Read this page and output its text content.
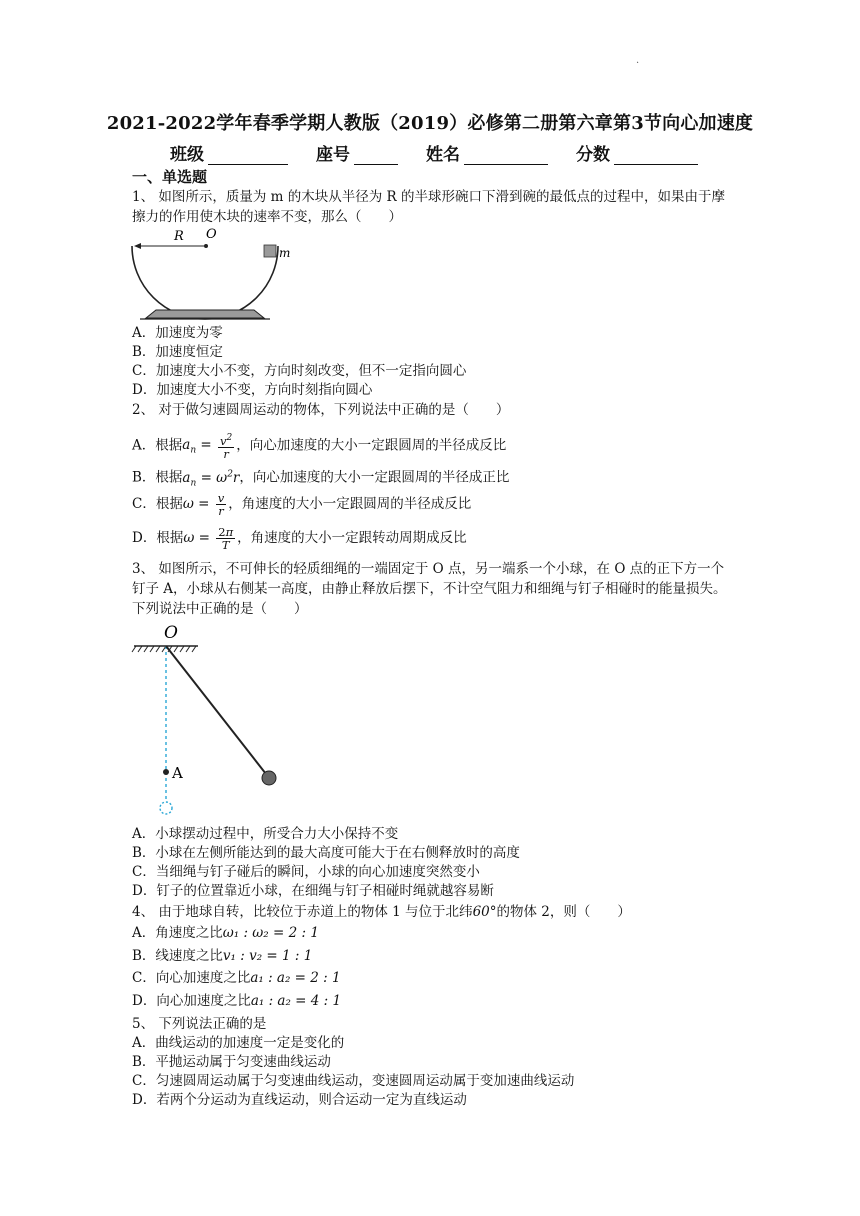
·
2021-2022学年春季学期人教版（2019）必修第二册第六章第3节向心加速度
班级	座号	姓名	分数
一、单选题
1、 如图所示，质量为 m 的木块从半径为 R 的半球形碗口下滑到碗的最低点的过程中，如果由于摩擦力的作用使木块的速率不变，那么（　　）
R O
m
A．加速度为零
B．加速度恒定
C．加速度大小不变，方向时刻改变，但不一定指向圆心
D．加速度大小不变，方向时刻指向圆心
2、 对于做匀速圆周运动的物体，下列说法中正确的是（　　）
A．根据$a_n = \frac{v^2}{r}$ ，向心加速度的大小一定跟圆周的半径成反比
B．根据$a_n = \omega^2r$，向心加速度的大小一定跟圆周的半径成正比
C．根据$\omega = \frac{v}{r}$ ，角速度的大小一定跟圆周的半径成反比
D．根据$\omega = \frac{2\pi}{T}$ ，角速度的大小一定跟转动周期成反比
3、 如图所示，不可伸长的轻质细绳的一端固定于 O 点，另一端系一个小球，在 O 点的正下方一个钉子 A，小球从右侧某一高度，由静止释放后摆下，不计空气阻力和细绳与钉子相碰时的能量损失。下列说法中正确的是（　　）
O
A
A．小球摆动过程中，所受合力大小保持不变
B．小球在左侧所能达到的最大高度可能大于在右侧释放时的高度
C．当细绳与钉子碰后的瞬间，小球的向心加速度突然变小
D．钉子的位置靠近小球，在细绳与钉子相碰时绳就越容易断
4、 由于地球自转，比较位于赤道上的物体 1 与位于北纬60°的物体 2，则（　　）
A．角速度之比ω₁ : ω₂ = 2 : 1
B．线速度之比v₁ : v₂ = 1 : 1
C．向心加速度之比a₁ : a₂ = 2 : 1
D．向心加速度之比a₁ : a₂ = 4 : 1
5、 下列说法正确的是
A．曲线运动的加速度一定是变化的
B．平抛运动属于匀变速曲线运动
C．匀速圆周运动属于匀变速曲线运动，变速圆周运动属于变加速曲线运动
D．若两个分运动为直线运动，则合运动一定为直线运动
